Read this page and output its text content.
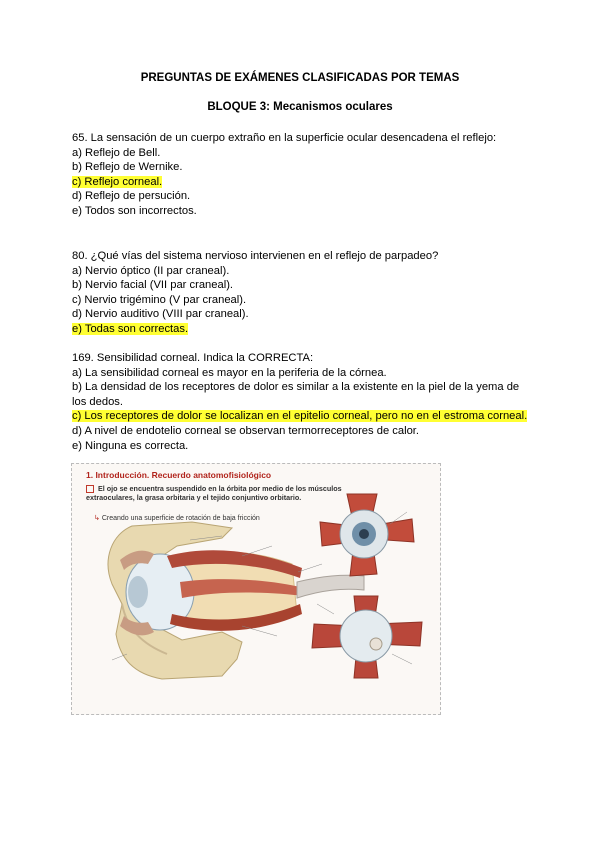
PREGUNTAS DE EXÁMENES CLASIFICADAS POR TEMAS
BLOQUE 3: Mecanismos oculares
65. La sensación de un cuerpo extraño en la superficie ocular desencadena el reflejo:
a) Reflejo de Bell.
b) Reflejo de Wernike.
c) Reflejo corneal.
d) Reflejo de persución.
e) Todos son incorrectos.
80. ¿Qué vías del sistema nervioso intervienen en el reflejo de parpadeo?
a) Nervio óptico (II par craneal).
b) Nervio facial (VII par craneal).
c) Nervio trigémino (V par craneal).
d) Nervio auditivo (VIII par craneal).
e) Todas son correctas.
169. Sensibilidad corneal. Indica la CORRECTA:
a) La sensibilidad corneal es mayor en la periferia de la córnea.
b) La densidad de los receptores de dolor es similar a la existente en la piel de la yema de los dedos.
c) Los receptores de dolor se localizan en el epitelio corneal, pero no en el estroma corneal.
d) A nivel de endotelio corneal se observan termorreceptores de calor.
e) Ninguna es correcta.
1. Introducción. Recuerdo anatomofisiológico
El ojo se encuentra suspendido en la órbita por medio de los músculos extraoculares, la grasa orbitaria y el tejido conjuntivo orbitario.
↳ Creando una superficie de rotación de baja fricción
